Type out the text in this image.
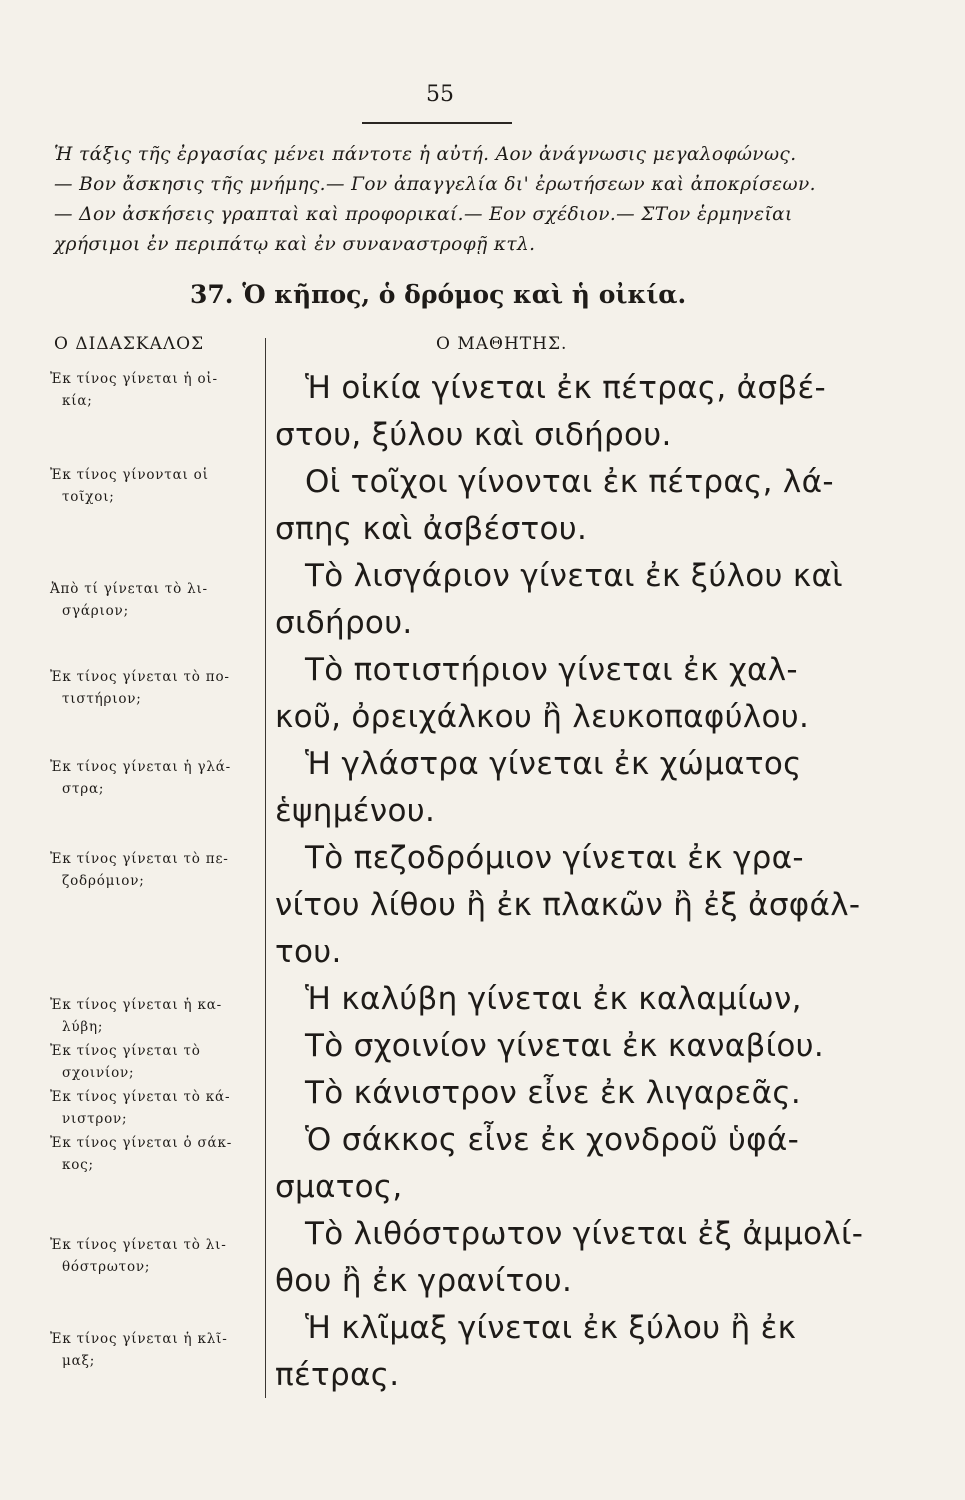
55
Ἡ τάξις τῆς ἐργασίας μένει πάντοτε ἡ αὐτή. Αον ἀνάγνωσις μεγαλοφώνως.
— Βον ἄσκησις τῆς μνήμης.— Γον ἀπαγγελία δι' ἐρωτήσεων καὶ ἀποκρίσεων.
— Δον ἀσκήσεις γραπταὶ καὶ προφορικαί.— Εον σχέδιον.— ΣΤον ἑρμηνεῖαι
χρήσιμοι ἐν περιπάτῳ καὶ ἐν συναναστροφῇ κτλ.
37. Ὁ κῆπος, ὁ δρόμος καὶ ἡ οἰκία.
Ο ΔΙΔΑΣΚΑΛΟΣ	Ο ΜΑΘΗΤΗΣ.
Ἐκ τίνος γίνεται ἡ οἰ-
κία;
Ἐκ τίνος γίνονται οἱ
τοῖχοι;
Ἀπὸ τί γίνεται τὸ λι-
σγάριον;
Ἐκ τίνος γίνεται τὸ πο-
τιστήριον;
Ἐκ τίνος γίνεται ἡ γλά-
στρα;
Ἐκ τίνος γίνεται τὸ πε-
ζοδρόμιον;
Ἐκ τίνος γίνεται ἡ κα-
λύβη;
Ἐκ τίνος γίνεται τὸ
σχοινίον;
Ἐκ τίνος γίνεται τὸ κά-
νιστρον;
Ἐκ τίνος γίνεται ὁ σάκ-
κος;
Ἐκ τίνος γίνεται τὸ λι-
θόστρωτον;
Ἐκ τίνος γίνεται ἡ κλῖ-
μαξ;
Ἡ οἰκία γίνεται ἐκ πέτρας, ἀσβέ-
στου, ξύλου καὶ σιδήρου.
Οἱ τοῖχοι γίνονται ἐκ πέτρας, λά-
σπης καὶ ἀσβέστου.
Τὸ λισγάριον γίνεται ἐκ ξύλου καὶ
σιδήρου.
Τὸ ποτιστήριον γίνεται ἐκ χαλ-
κοῦ, ὀρειχάλκου ἢ λευκοπαφύλου.
Ἡ γλάστρα γίνεται ἐκ χώματος
ἑψημένου.
Τὸ πεζοδρόμιον γίνεται ἐκ γρα-
νίτου λίθου ἢ ἐκ πλακῶν ἢ ἐξ ἀσφάλ-
του.
Ἡ καλύβη γίνεται ἐκ καλαμίων,
Τὸ σχοινίον γίνεται ἐκ καναβίου.
Τὸ κάνιστρον εἶνε ἐκ λιγαρεᾶς.
Ὁ σάκκος εἶνε ἐκ χονδροῦ ὑφά-
σματος,
Τὸ λιθόστρωτον γίνεται ἐξ ἀμμολί-
θου ἢ ἐκ γρανίτου.
Ἡ κλῖμαξ γίνεται ἐκ ξύλου ἢ ἐκ
πέτρας.
